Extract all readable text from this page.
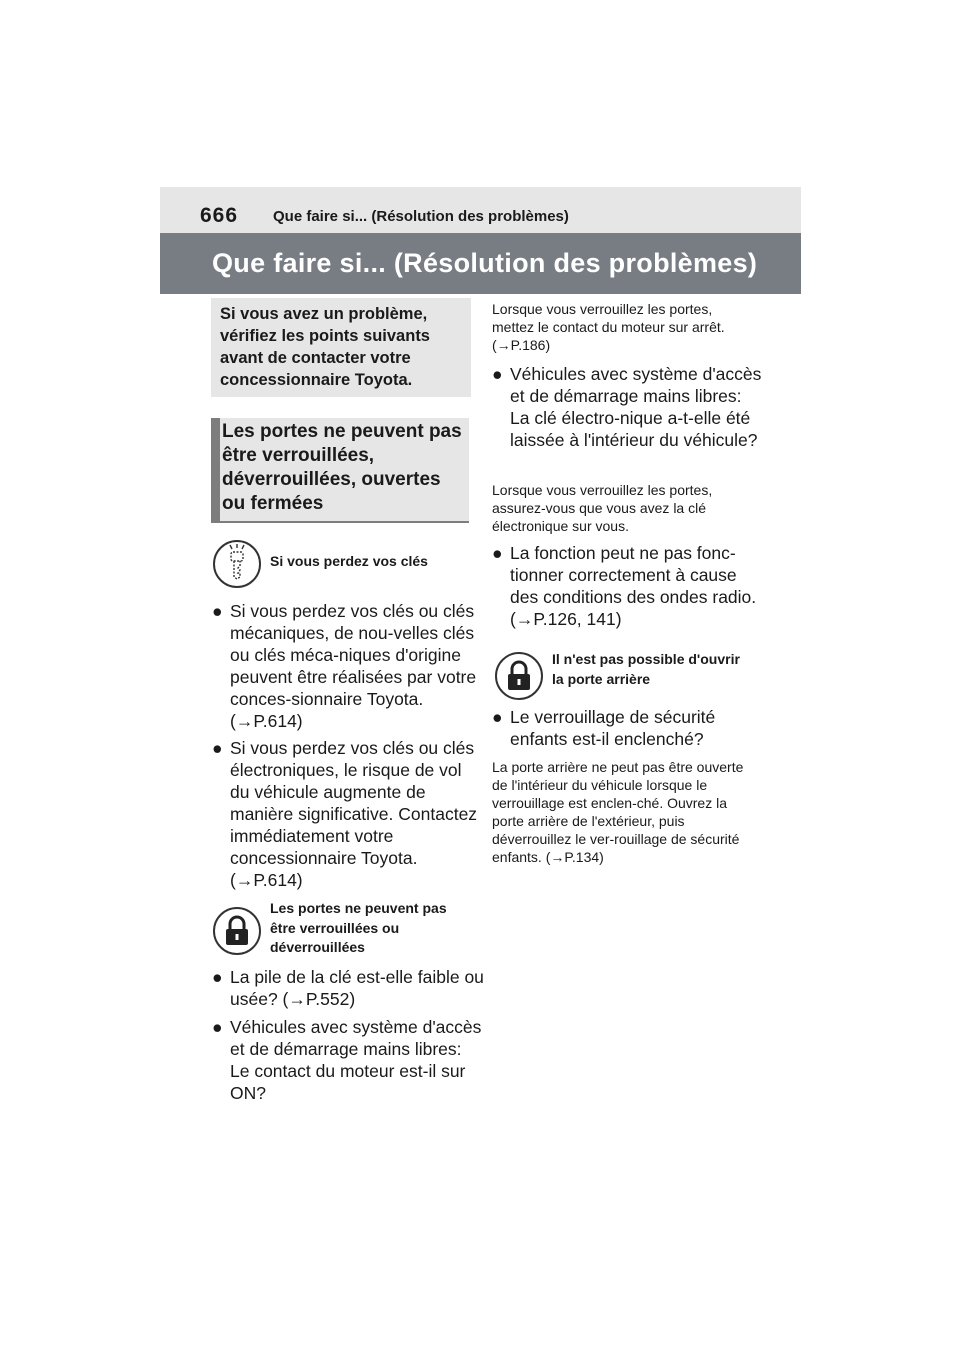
666 Que faire si... (Résolution des problèmes)
Que faire si... (Résolution des problèmes)
Si vous avez un problème, vérifiez les points suivants avant de contacter votre concessionnaire Toyota.
Les portes ne peuvent pas être verrouillées, déverrouillées, ouvertes ou fermées
Si vous perdez vos clés
● Si vous perdez vos clés ou clés mécaniques, de nou-velles clés ou clés méca-niques d'origine peuvent être réalisées par votre conces-sionnaire Toyota. (→P.614)
● Si vous perdez vos clés ou clés électroniques, le risque de vol du véhicule augmente de manière significative. Contactez immédiatement votre concessionnaire Toyota. (→P.614)
Les portes ne peuvent pas être verrouillées ou déverrouillées
● La pile de la clé est-elle faible ou usée? (→P.552)
● Véhicules avec système d'accès et de démarrage mains libres: Le contact du moteur est-il sur ON?
Lorsque vous verrouillez les portes, mettez le contact du moteur sur arrêt. (→P.186)
● Véhicules avec système d'accès et de démarrage mains libres: La clé électro-nique a-t-elle été laissée à l'intérieur du véhicule?
Lorsque vous verrouillez les portes, assurez-vous que vous avez la clé électronique sur vous.
● La fonction peut ne pas fonc-tionner correctement à cause des conditions des ondes radio. (→P.126, 141)
Il n'est pas possible d'ouvrir la porte arrière
● Le verrouillage de sécurité enfants est-il enclenché?
La porte arrière ne peut pas être ouverte de l'intérieur du véhicule lorsque le verrouillage est enclen-ché. Ouvrez la porte arrière de l'extérieur, puis déverrouillez le ver-rouillage de sécurité enfants. (→P.134)
